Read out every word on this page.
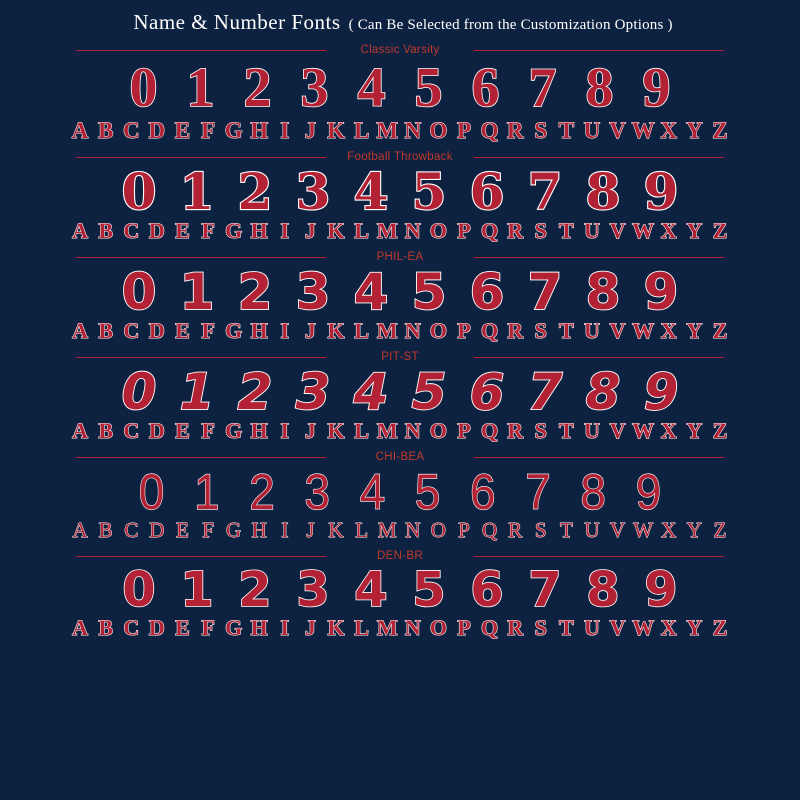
Name & Number Fonts ( Can Be Selected from the Customization Options )
Classic Varsity
0 1 2 3 4 5 6 7 8 9
A B C D E F G H I J K L M N O P Q R S T U V W X Y Z
Football Throwback
0 1 2 3 4 5 6 7 8 9
A B C D E F G H I J K L M N O P Q R S T U V W X Y Z
PHIL-EA
0 1 2 3 4 5 6 7 8 9
A B C D E F G H I J K L M N O P Q R S T U V W X Y Z
PIT-ST
0 1 2 3 4 5 6 7 8 9
A B C D E F G H I J K L M N O P Q R S T U V W X Y Z
CHI-BEA
0 1 2 3 4 5 6 7 8 9
A B C D E F G H I J K L M N O P Q R S T U V W X Y Z
DEN-BR
0 1 2 3 4 5 6 7 8 9
A B C D E F G H I J K L M N O P Q R S T U V W X Y Z
